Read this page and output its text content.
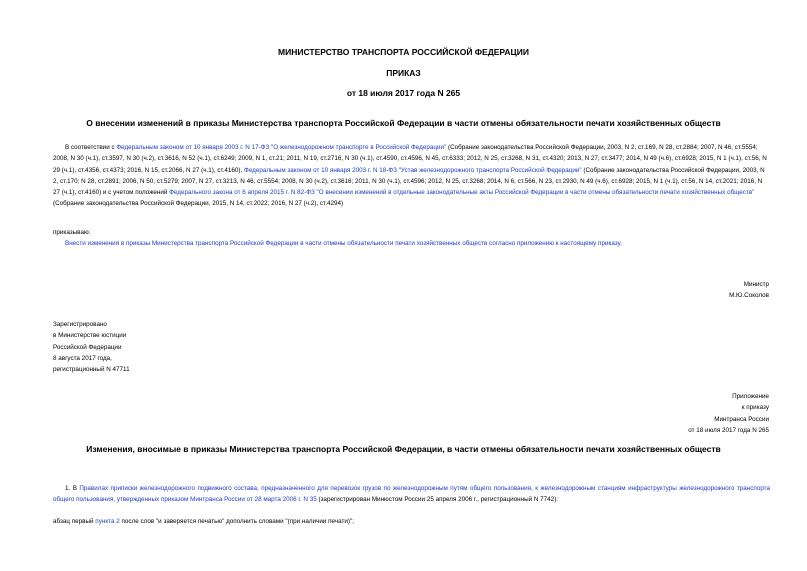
МИНИСТЕРСТВО ТРАНСПОРТА РОССИЙСКОЙ ФЕДЕРАЦИИ
ПРИКАЗ
от 18 июля 2017 года N 265
О внесении изменений в приказы Министерства транспорта Российской Федерации в части отмены обязательности печати хозяйственных обществ
В соответствии с Федеральным законом от 10 января 2003 г. N 17-ФЗ "О железнодорожном транспорте в Российской Федерации" (Собрание законодательства Российской Федерации, 2003, N 2, ст.169, N 28, ст.2884; 2007, N 46, ст.5554; 2008, N 30 (ч.1), ст.3597, N 30 (ч.2), ст.3616, N 52 (ч.1), ст.6249; 2009, N 1, ст.21; 2011, N 19, ст.2716, N 30 (ч.1), ст.4590, ст.4596, N 45, ст.6333; 2012, N 25, ст.3268, N 31, ст.4320; 2013, N 27, ст.3477; 2014, N 49 (ч.6), ст.6928; 2015, N 1 (ч.1), ст.56, N 29 (ч.1), ст.4356, ст.4373; 2016, N 15, ст.2066, N 27 (ч.1), ст.4160), Федеральным законом от 10 января 2003 г. N 18-ФЗ "Устав железнодорожного транспорта Российской Федерации" (Собрание законодательства Российской Федерации, 2003, N 2, ст.170; N 28, ст.2891; 2006, N 50, ст.5279; 2007, N 27, ст.3213, N 46, ст.5554; 2008, N 30 (ч.2), ст.3616; 2011, N 30 (ч.1), ст.4596; 2012, N 25, ст.3268; 2014, N 6, ст.566, N 23, ст.2930, N 49 (ч.6), ст.6928; 2015, N 1 (ч.1), ст.56, N 14, ст.2021; 2016, N 27 (ч.1), ст.4160) и с учетом положений Федерального закона от 6 апреля 2015 г. N 82-ФЗ "О внесении изменений в отдельные законодательные акты Российской Федерации в части отмены обязательности печати хозяйственных обществ" (Собрание законодательства Российской Федерации, 2015, N 14, ст.2022; 2016, N 27 (ч.2), ст.4294)
приказываю:
Внести изменения в приказы Министерства транспорта Российской Федерации в части отмены обязательности печати хозяйственных обществ согласно приложению к настоящему приказу.
Министр
М.Ю.Соколов
Зарегистрировано
в Министерстве юстиции
Российской Федерации
8 августа 2017 года,
регистрационный N 47711
Приложение
к приказу
Минтранса России
от 18 июля 2017 года N 265
Изменения, вносимые в приказы Министерства транспорта Российской Федерации, в части отмены обязательности печати хозяйственных обществ
1. В Правилах приписки железнодорожного подвижного состава, предназначенного для перевозок грузов по железнодорожным путям общего пользования, к железнодорожным станциям инфраструктуры железнодорожного транспорта общего пользования, утвержденных приказом Минтранса России от 28 марта 2006 г. N 35 (зарегистрирован Минюстом России 25 апреля 2006 г., регистрационный N 7742):
абзац первый пункта 2 после слов "и заверяется печатью" дополнить словами "(при наличии печати)";
